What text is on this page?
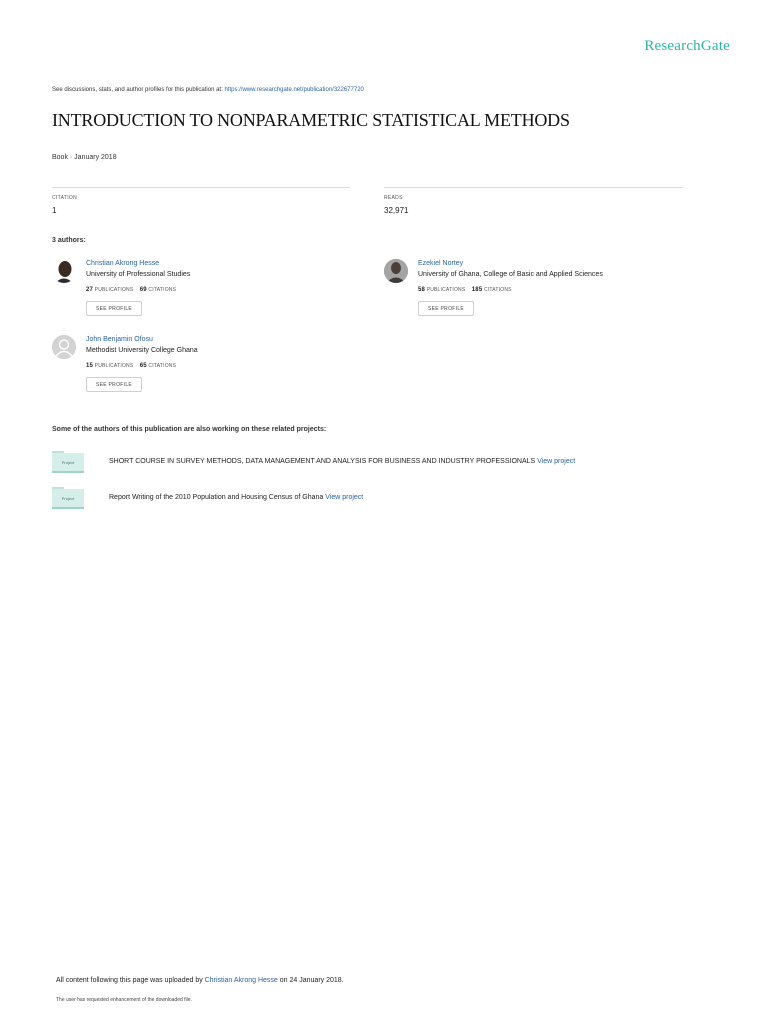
ResearchGate
See discussions, stats, and author profiles for this publication at: https://www.researchgate.net/publication/322677720
INTRODUCTION TO NONPARAMETRIC STATISTICAL METHODS
Book · January 2018
CITATION
1
READS
32,971
3 authors:
Christian Akrong Hesse
University of Professional Studies
27 PUBLICATIONS 69 CITATIONS
SEE PROFILE
Ezekiel Nortey
University of Ghana, College of Basic and Applied Sciences
58 PUBLICATIONS 185 CITATIONS
SEE PROFILE
John Benjamin Ofosu
Methodist University College Ghana
15 PUBLICATIONS 65 CITATIONS
SEE PROFILE
Some of the authors of this publication are also working on these related projects:
Project	SHORT COURSE IN SURVEY METHODS, DATA MANAGEMENT AND ANALYSIS FOR BUSINESS AND INDUSTRY PROFESSIONALS View project
Project	Report Writing of the 2010 Population and Housing Census of Ghana View project
All content following this page was uploaded by Christian Akrong Hesse on 24 January 2018.
The user has requested enhancement of the downloaded file.
